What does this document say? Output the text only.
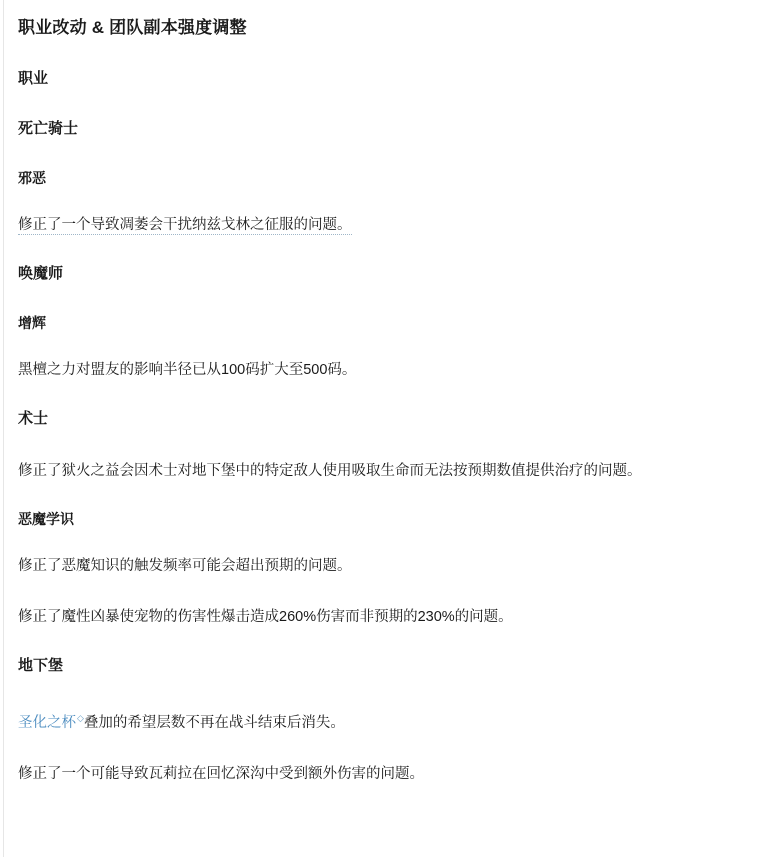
职业改动 & 团队副本强度调整
职业
死亡骑士
邪恶

修正了一个导致凋萎会干扰纳兹戈林之征服的问题。

唤魔师
增辉

黑檀之力对盟友的影响半径已从100码扩大至500码。

术士

修正了狱火之益会因术士对地下堡中的特定敌人使用吸取生命而无法按预期数值提供治疗的问题。

恶魔学识

修正了恶魔知识的触发频率可能会超出预期的问题。

修正了魔性凶暴使宠物的伤害性爆击造成260%伤害而非预期的230%的问题。

地下堡

圣化之杯◇叠加的希望层数不再在战斗结束后消失。

修正了一个可能导致瓦莉拉在回忆深沟中受到额外伤害的问题。
